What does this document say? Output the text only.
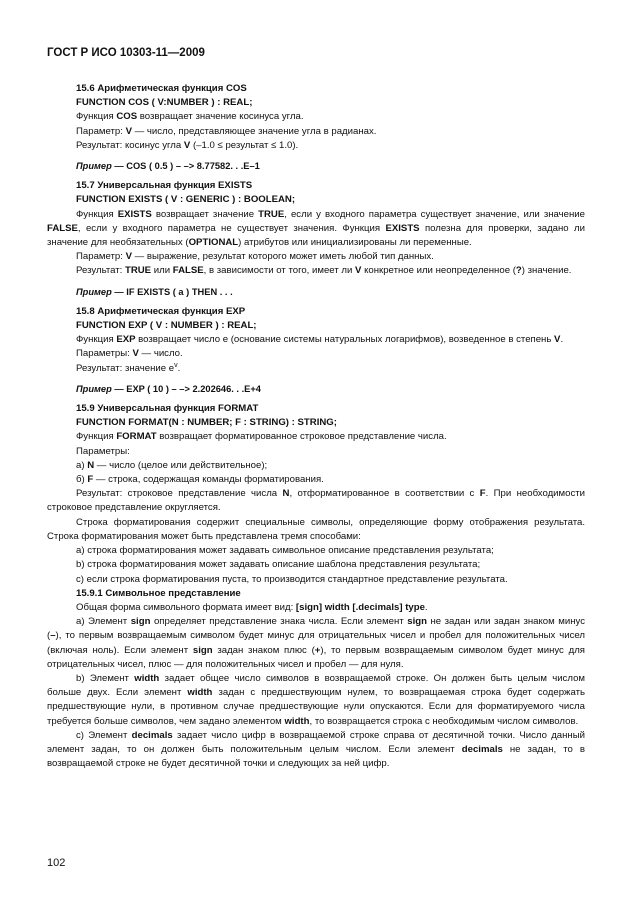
ГОСТ Р ИСО 10303-11—2009

15.6 Арифметическая функция COS

FUNCTION COS ( V:NUMBER ) : REAL;

Функция COS возвращает значение косинуса угла.

Параметр: V — число, представляющее значение угла в радианах.

Результат: косинус угла V (–1.0 ≤ результат ≤ 1.0).

Пример — COS ( 0.5 ) – –> 8.77582. . .E–1

15.7 Универсальная функция EXISTS

FUNCTION EXISTS ( V : GENERIC ) : BOOLEAN;

Функция EXISTS возвращает значение TRUE, если у входного параметра существует значение, или значение FALSE, если у входного параметра не существует значения. Функция EXISTS полезна для проверки, задано ли значение для необязательных (OPTIONAL) атрибутов или инициализированы ли переменные.

Параметр: V — выражение, результат которого может иметь любой тип данных.

Результат: TRUE или FALSE, в зависимости от того, имеет ли V конкретное или неопределенное (?) значение.

Пример — IF EXISTS ( a ) THEN . . .

15.8 Арифметическая функция EXP

FUNCTION EXP ( V : NUMBER ) : REAL;

Функция EXP возвращает число e (основание системы натуральных логарифмов), возведенное в степень V.

Параметры: V — число.

Результат: значение $e^v$.

Пример — EXP ( 10 ) – –> 2.202646. . .E+4

15.9 Универсальная функция FORMAT

FUNCTION FORMAT(N : NUMBER; F : STRING) : STRING;

Функция FORMAT возвращает форматированное строковое представление числа.

Параметры:

а) N — число (целое или действительное);

б) F — строка, содержащая команды форматирования.

Результат: строковое представление числа N, отформатированное в соответствии с F. При необходимости строковое представление округляется.

Строка форматирования содержит специальные символы, определяющие форму отображения результата. Строка форматирования может быть представлена тремя способами:

а) строка форматирования может задавать символьное описание представления результата;

b) строка форматирования может задавать описание шаблона представления результата;

с) если строка форматирования пуста, то производится стандартное представление результата.

15.9.1 Символьное представление

Общая форма символьного формата имеет вид: [sign] width [.decimals] type.

а) Элемент sign определяет представление знака числа. Если элемент sign не задан или задан знаком минус (–), то первым возвращаемым символом будет минус для отрицательных чисел и пробел для положительных чисел (включая ноль). Если элемент sign задан знаком плюс (+), то первым возвращаемым символом будет минус для отрицательных чисел, плюс — для положительных чисел и пробел — для нуля.

b) Элемент width задает общее число символов в возвращаемой строке. Он должен быть целым числом больше двух. Если элемент width задан с предшествующим нулем, то возвращаемая строка будет содержать предшествующие нули, в противном случае предшествующие нули опускаются. Если для форматируемого числа требуется больше символов, чем задано элементом width, то возвращается строка с необходимым числом символов.

с) Элемент decimals задает число цифр в возвращаемой строке справа от десятичной точки. Число данный элемент задан, то он должен быть положительным целым числом. Если элемент decimals не задан, то в возвращаемой строке не будет десятичной точки и следующих за ней цифр.

102
